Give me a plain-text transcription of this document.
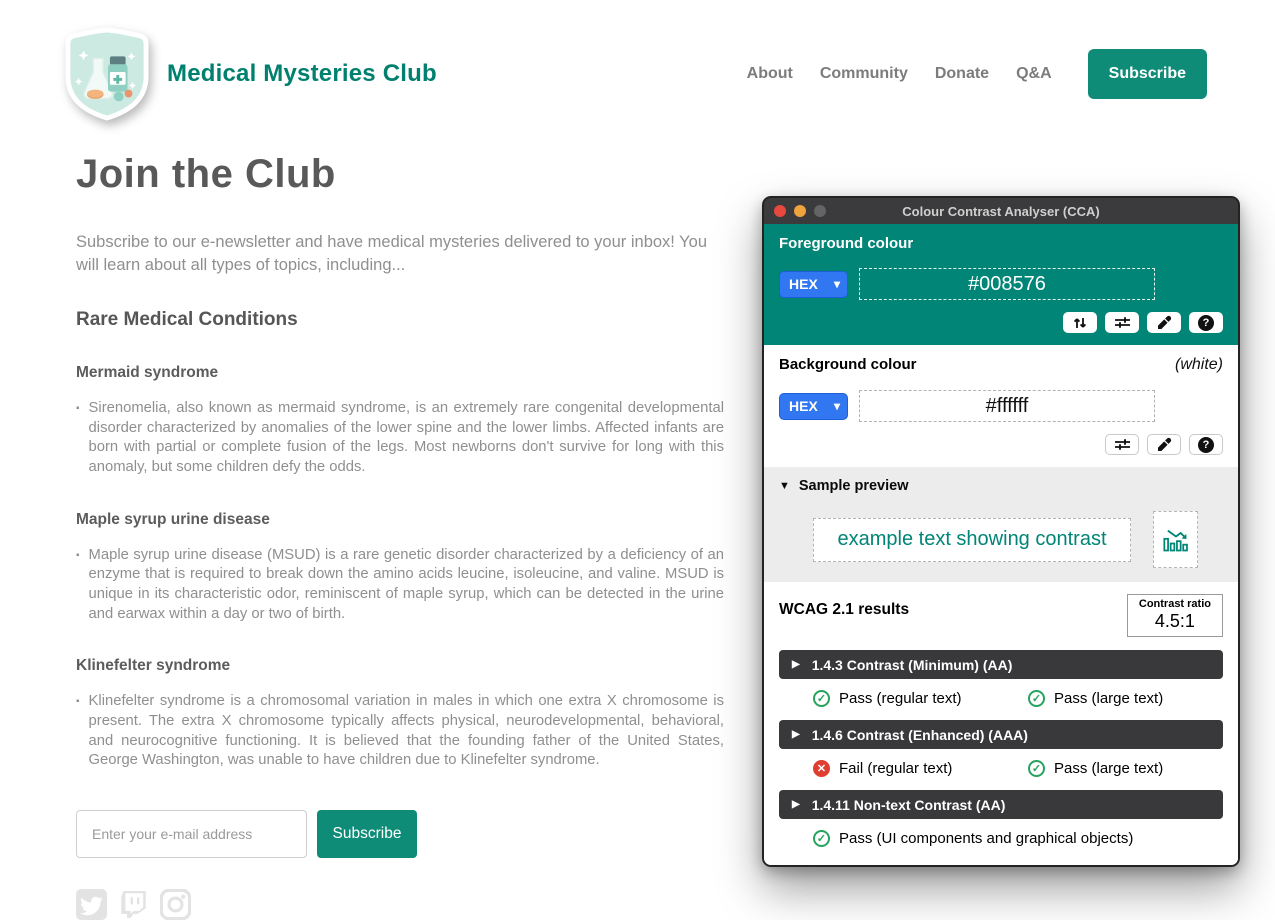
Medical Mysteries Club	About Community Donate Q&A	Subscribe
Join the Club

Subscribe to our e-newsletter and have medical mysteries delivered to your inbox! You will learn about all types of topics, including...

Rare Medical Conditions
Mermaid syndrome
▪ Sirenomelia, also known as mermaid syndrome, is an extremely rare congenital developmental disorder characterized by anomalies of the lower spine and the lower limbs. Affected infants are born with partial or complete fusion of the legs. Most newborns don't survive for long with this anomaly, but some children defy the odds.
Maple syrup urine disease
▪ Maple syrup urine disease (MSUD) is a rare genetic disorder characterized by a deficiency of an enzyme that is required to break down the amino acids leucine, isoleucine, and valine. MSUD is unique in its characteristic odor, reminiscent of maple syrup, which can be detected in the urine and earwax within a day or two of birth.
Klinefelter syndrome
▪ Klinefelter syndrome is a chromosomal variation in males in which one extra X chromosome is present. The extra X chromosome typically affects physical, neurodevelopmental, behavioral, and neurocognitive functioning. It is believed that the founding father of the United States, George Washington, was unable to have children due to Klinefelter syndrome.
Enter your e-mail address
Subscribe
Colour Contrast Analyser (CCA)
Foreground colour
HEX ▾
#008576
?
Background colour	(white)
HEX ▾
#ffffff
?
▼ Sample preview
example text showing contrast
WCAG 2.1 results	Contrast ratio
4.5:1
▶ 1.4.3 Contrast (Minimum) (AA)
✓ Pass (regular text)	✓ Pass (large text)
▶ 1.4.6 Contrast (Enhanced) (AAA)
✕ Fail (regular text)	✓ Pass (large text)
▶ 1.4.11 Non-text Contrast (AA)
✓ Pass (UI components and graphical objects)
